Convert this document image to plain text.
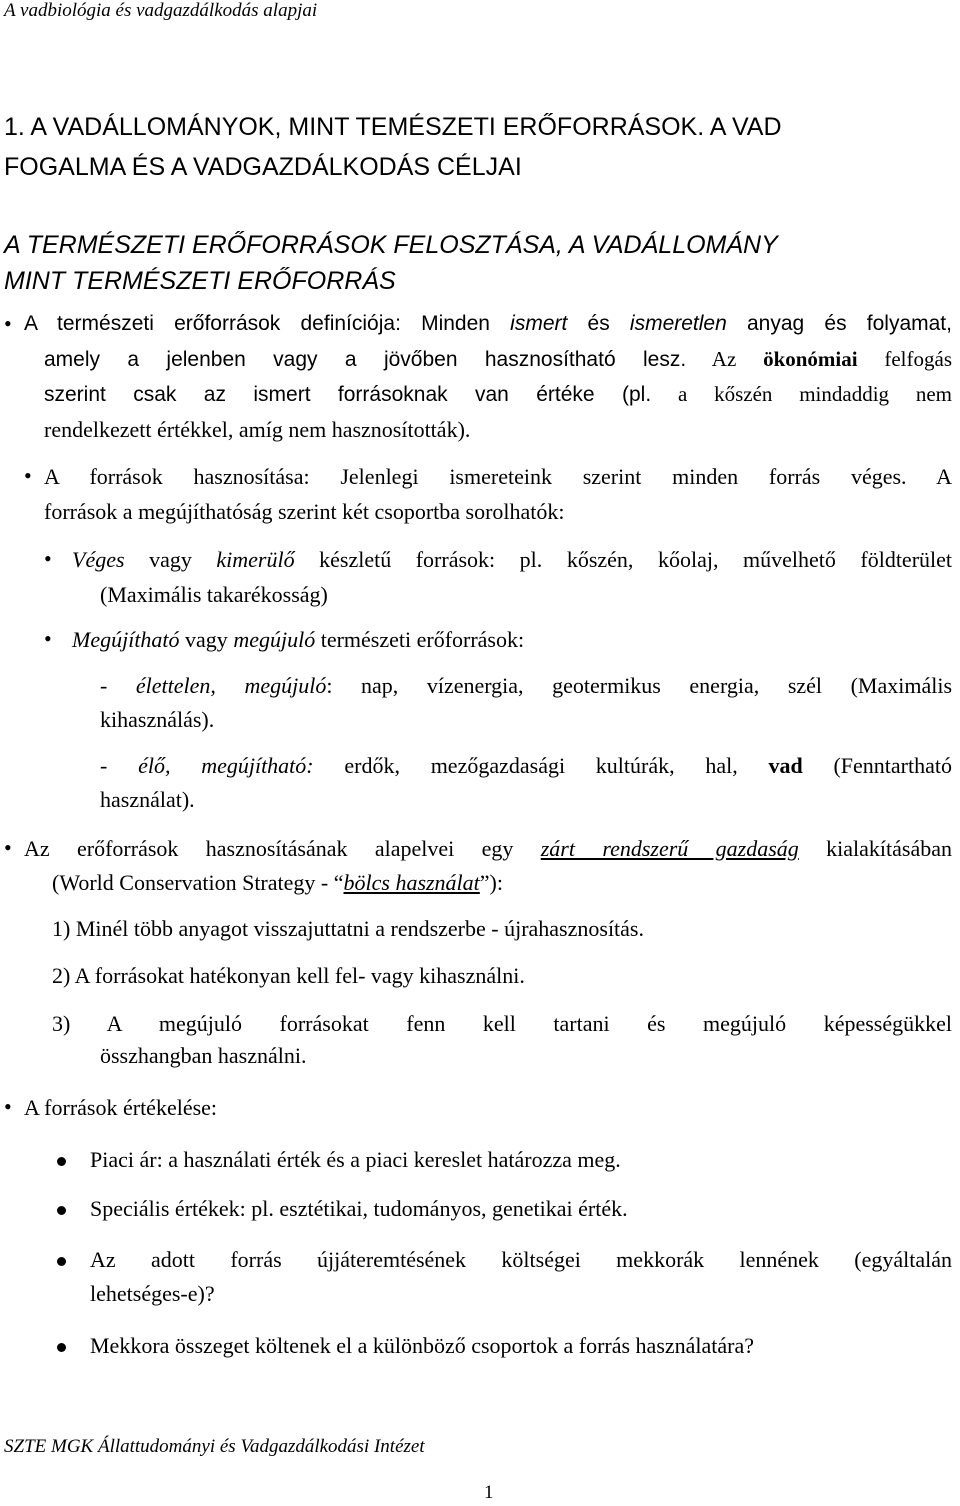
A vadbiológia és vadgazdálkodás alapjai
1. A VADÁLLOMÁNYOK, MINT TEMÉSZETI ERŐFORRÁSOK. A VAD
FOGALMA ÉS A VADGAZDÁLKODÁS CÉLJAI
A TERMÉSZETI ERŐFORRÁSOK FELOSZTÁSA, A VADÁLLOMÁNY
MINT TERMÉSZETI ERŐFORRÁS
• A természeti erőforrások definíciója: Minden ismert és ismeretlen anyag és folyamat,
amely a jelenben vagy a jövőben hasznosítható lesz. Az ökonómiai felfogás
szerint csak az ismert forrásoknak van értéke (pl. a kőszén mindaddig nem
rendelkezett értékkel, amíg nem hasznosították).
• A források hasznosítása: Jelenlegi ismereteink szerint minden forrás véges. A
források a megújíthatóság szerint két csoportba sorolhatók:
• Véges vagy kimerülő készletű források: pl. kőszén, kőolaj, művelhető földterület
(Maximális takarékosság)
• Megújítható vagy megújuló természeti erőforrások:
- élettelen, megújuló: nap, vízenergia, geotermikus energia, szél (Maximális
kihasználás).
- élő, megújítható: erdők, mezőgazdasági kultúrák, hal, vad (Fenntartható
használat).
• Az erőforrások hasznosításának alapelvei egy zárt rendszerű gazdaság kialakításában
(World Conservation Strategy - “bölcs használat”):
1) Minél több anyagot visszajuttatni a rendszerbe - újrahasznosítás.
2) A forrásokat hatékonyan kell fel- vagy kihasználni.
3) A megújuló forrásokat fenn kell tartani és megújuló képességükkel
összhangban használni.
• A források értékelése:
Piaci ár: a használati érték és a piaci kereslet határozza meg.
Speciális értékek: pl. esztétikai, tudományos, genetikai érték.
Az adott forrás újjáteremtésének költségei mekkorák lennének (egyáltalán
lehetséges-e)?
Mekkora összeget költenek el a különböző csoportok a forrás használatára?
SZTE MGK Állattudományi és Vadgazdálkodási Intézet
1
